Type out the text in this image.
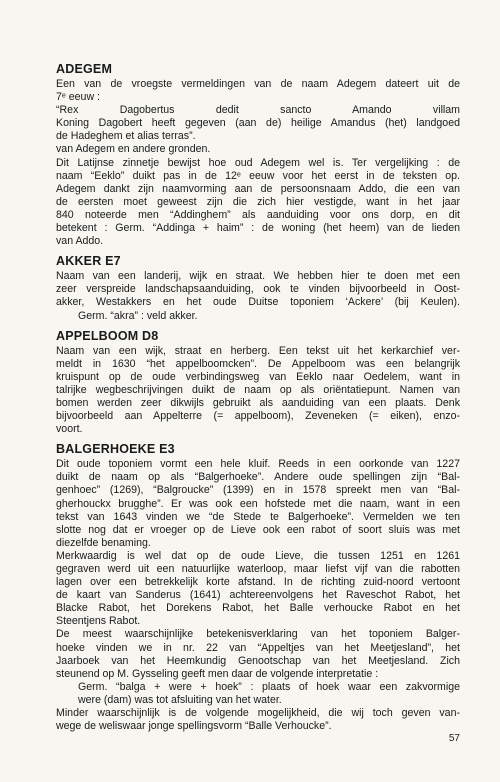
ADEGEM

Een van de vroegste vermeldingen van de naam Adegem dateert uit de

7ᵉ eeuw :

“Rex Dagobertus dedit sancto Amando villam

Koning Dagobert heeft gegeven (aan de) heilige Amandus (het) landgoed

de Hadeghem et alias terras”.

van Adegem en andere gronden.

Dit Latijnse zinnetje bewijst hoe oud Adegem wel is. Ter vergelijking : de

naam “Eeklo” duikt pas in de 12ᵉ eeuw voor het eerst in de teksten op.

Adegem dankt zijn naamvorming aan de persoonsnaam Addo, die een van

de eersten moet geweest zijn die zich hier vestigde, want in het jaar

840 noteerde men “Addinghem” als aanduiding voor ons dorp, en dit

betekent : Germ. “Addinga + haim” : de woning (het heem) van de lieden

van Addo.

AKKER E7

Naam van een landerij, wijk en straat. We hebben hier te doen met een

zeer verspreide landschapsaanduiding, ook te vinden bijvoorbeeld in Oost-

akker, Westakkers en het oude Duitse toponiem ‘Ackere’ (bij Keulen).

Germ. “akra” : veld akker.

APPELBOOM D8

Naam van een wijk, straat en herberg. Een tekst uit het kerkarchief ver-

meldt in 1630 “het appelboomcken”. De Appelboom was een belangrijk

kruispunt op de oude verbindingsweg van Eeklo naar Oedelem, want in

talrijke wegbeschrijvingen duikt de naam op als oriëntatiepunt. Namen van

bomen werden zeer dikwijls gebruikt als aanduiding van een plaats. Denk

bijvoorbeeld aan Appelterre (= appelboom), Zeveneken (= eiken), enzo-

voort.

BALGERHOEKE E3

Dit oude toponiem vormt een hele kluif. Reeds in een oorkonde van 1227

duikt de naam op als “Balgerhoeke”. Andere oude spellingen zijn “Bal-

genhoec” (1269), “Balgroucke” (1399) en in 1578 spreekt men van “Bal-

gherhouckx brugghe”. Er was ook een hofstede met die naam, want in een

tekst van 1643 vinden we “de Stede te Balgerhoeke”. Vermelden we ten

slotte nog dat er vroeger op de Lieve ook een rabot of soort sluis was met

diezelfde benaming.

Merkwaardig is wel dat op de oude Lieve, die tussen 1251 en 1261

gegraven werd uit een natuurlijke waterloop, maar liefst vijf van die rabotten

lagen over een betrekkelijk korte afstand. In de richting zuid-noord vertoont

de kaart van Sanderus (1641) achtereenvolgens het Raveschot Rabot, het

Blacke Rabot, het Dorekens Rabot, het Balle verhoucke Rabot en het

Steentjens Rabot.

De meest waarschijnlijke betekenisverklaring van het toponiem Balger-

hoeke vinden we in nr. 22 van “Appeltjes van het Meetjesland”, het

Jaarboek van het Heemkundig Genootschap van het Meetjesland. Zich

steunend op M. Gysseling geeft men daar de volgende interpretatie :

Germ. “balga + were + hoek” : plaats of hoek waar een zakvormige

were (dam) was tot afsluiting van het water.

Minder waarschijnlijk is de volgende mogelijkheid, die wij toch geven van-

wege de weliswaar jonge spellingsvorm “Balle Verhoucke”.

57
